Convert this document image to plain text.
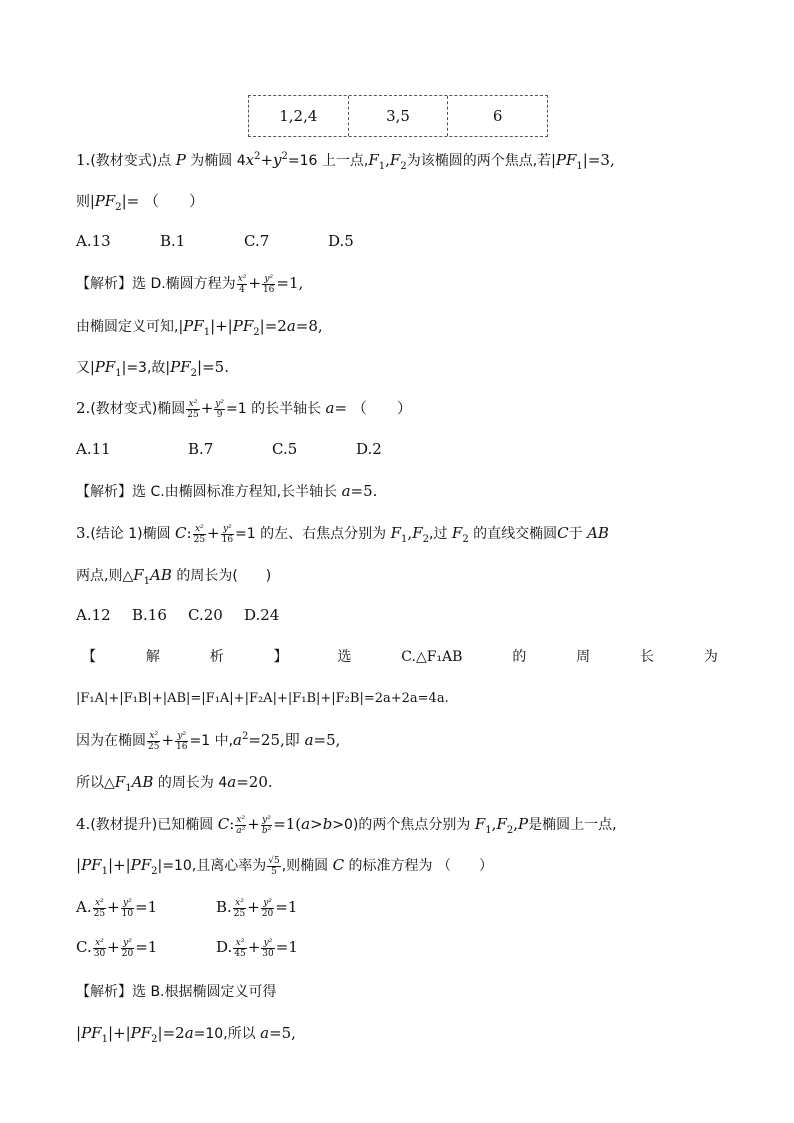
1,2,4	3,5	6
1.(教材变式)点 P 为椭圆 $4x^2+y^2=16$ 上一点$,F_1,F_2$为该椭圆的两个焦点,若$|PF_1|=3$,
则$|PF_2|=$ （　　）
A.13	B.1	C.7	D.5
【解析】选 D.椭圆方程为 $\frac{\text{x²}}{4} + \frac{\text{y²}}{16} =1$,
由椭圆定义可知$,|PF_1|+|PF_2|=2a=8$,
又$|PF_1|=3$,故$|PF_2|=5$.
2.(教材变式)椭圆 $\frac{\text{x²}}{25} + \frac{\text{y²}}{9} =1$ 的长半轴长 a= （　　）
A.11	B.7	C.5	D.2
【解析】选 C.由椭圆标准方程知,长半轴长 a=5.
3.(结论 1)椭圆 C: $\frac{\text{x²}}{25} + \frac{\text{y²}}{16} =1$ 的左、右焦点分别为 $F_1,F_2$,过 $F_2$ 的直线交椭圆C于 AB
两点,则$\triangle F_1AB$ 的周长为(　　)
A.12 B.16 C.20 D.24
【	解	析	】	选	C.△F₁AB	的	周	长	为
|F₁A|+|F₁B|+|AB|=|F₁A|+|F₂A|+|F₁B|+|F₂B|=2a+2a=4a.
因为在椭圆 $\frac{\text{x²}}{25} + \frac{\text{y²}}{16} =1$ 中$,a^2=25$,即 a=5,
所以$\triangle F_1AB$ 的周长为 4a=20.
4.(教材提升)已知椭圆 C: $\frac{\text{x²}}{\text{a²}} + \frac{\text{y²}}{\text{b²}} =1(a>b>0)$的两个焦点分别为 $F_1,F_2,P$是椭圆上一点,
$|PF_1|+|PF_2|=10$,且离心率为 $\frac{√5}{5}$ ,则椭圆 C 的标准方程为 （　　）
A. $\frac{\text{x²}}{25} + \frac{\text{y²}}{10} =1$	B. $\frac{\text{x²}}{25} + \frac{\text{y²}}{20} =1$
C. $\frac{\text{x²}}{30} + \frac{\text{y²}}{20} =1$	D. $\frac{\text{x²}}{45} + \frac{\text{y²}}{30} =1$
【解析】选 B.根据椭圆定义可得
$|PF_1|+|PF_2|=2a=10$,所以 a=5,
